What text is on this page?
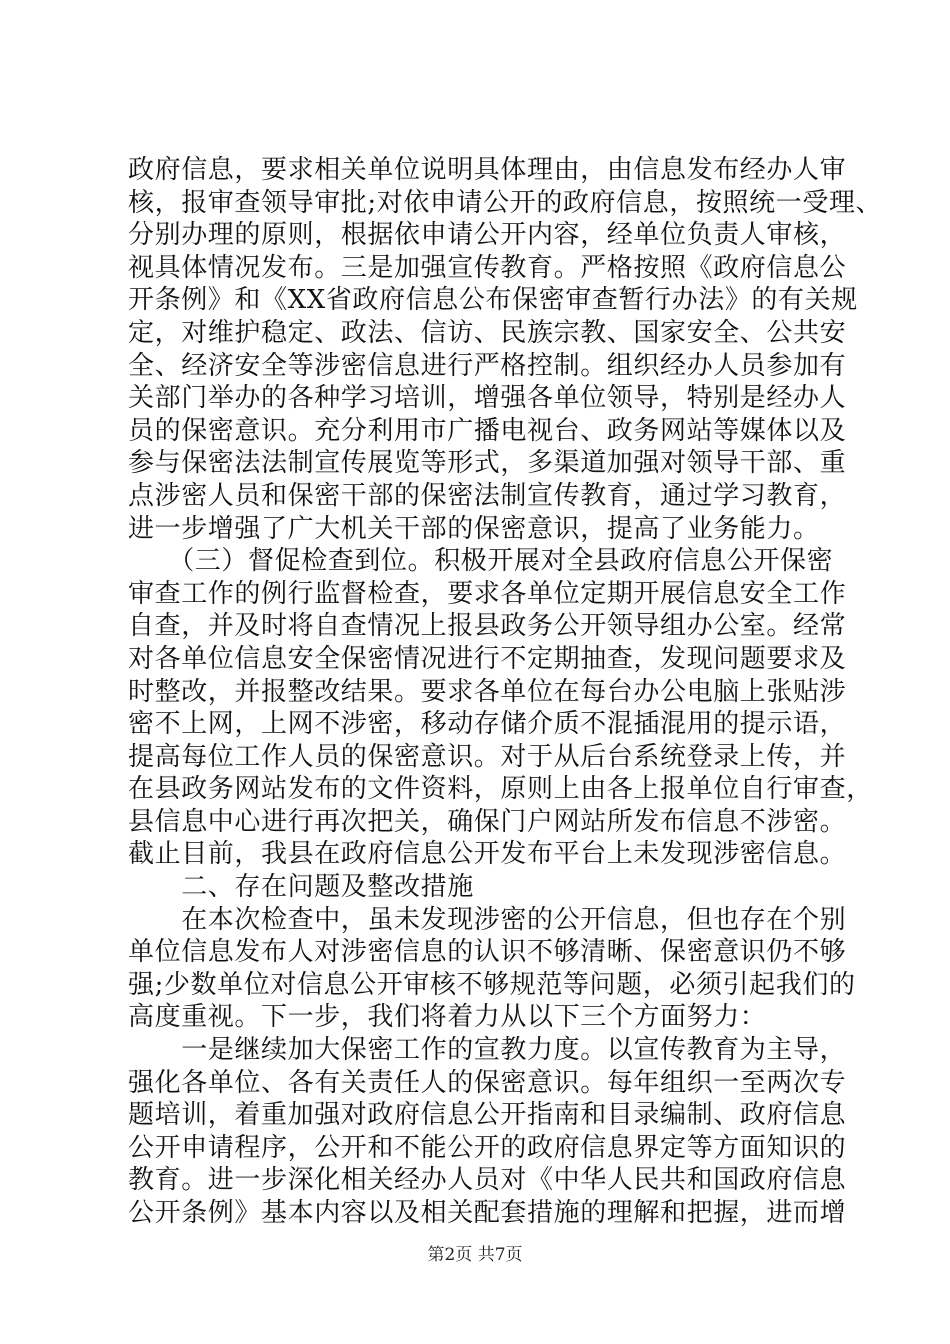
政府信息，要求相关单位说明具体理由，由信息发布经办人审
核，报审查领导审批;对依申请公开的政府信息，按照统一受理、
分别办理的原则，根据依申请公开内容，经单位负责人审核，
视具体情况发布。三是加强宣传教育。严格按照《政府信息公
开条例》和《XX省政府信息公布保密审查暂行办法》的有关规
定，对维护稳定、政法、信访、民族宗教、国家安全、公共安
全、经济安全等涉密信息进行严格控制。组织经办人员参加有
关部门举办的各种学习培训，增强各单位领导，特别是经办人
员的保密意识。充分利用市广播电视台、政务网站等媒体以及
参与保密法法制宣传展览等形式，多渠道加强对领导干部、重
点涉密人员和保密干部的保密法制宣传教育，通过学习教育，
进一步增强了广大机关干部的保密意识，提高了业务能力。
　　（三）督促检查到位。积极开展对全县政府信息公开保密
审查工作的例行监督检查，要求各单位定期开展信息安全工作
自查，并及时将自查情况上报县政务公开领导组办公室。经常
对各单位信息安全保密情况进行不定期抽查，发现问题要求及
时整改，并报整改结果。要求各单位在每台办公电脑上张贴涉
密不上网，上网不涉密，移动存储介质不混插混用的提示语，
提高每位工作人员的保密意识。对于从后台系统登录上传，并
在县政务网站发布的文件资料，原则上由各上报单位自行审查，
县信息中心进行再次把关，确保门户网站所发布信息不涉密。
截止目前，我县在政府信息公开发布平台上未发现涉密信息。
　　二、存在问题及整改措施
　　在本次检查中，虽未发现涉密的公开信息，但也存在个别
单位信息发布人对涉密信息的认识不够清晰、保密意识仍不够
强;少数单位对信息公开审核不够规范等问题，必须引起我们的
高度重视。下一步，我们将着力从以下三个方面努力：
　　一是继续加大保密工作的宣教力度。以宣传教育为主导，
强化各单位、各有关责任人的保密意识。每年组织一至两次专
题培训，着重加强对政府信息公开指南和目录编制、政府信息
公开申请程序，公开和不能公开的政府信息界定等方面知识的
教育。进一步深化相关经办人员对《中华人民共和国政府信息
公开条例》基本内容以及相关配套措施的理解和把握，进而增
第2页 共7页
